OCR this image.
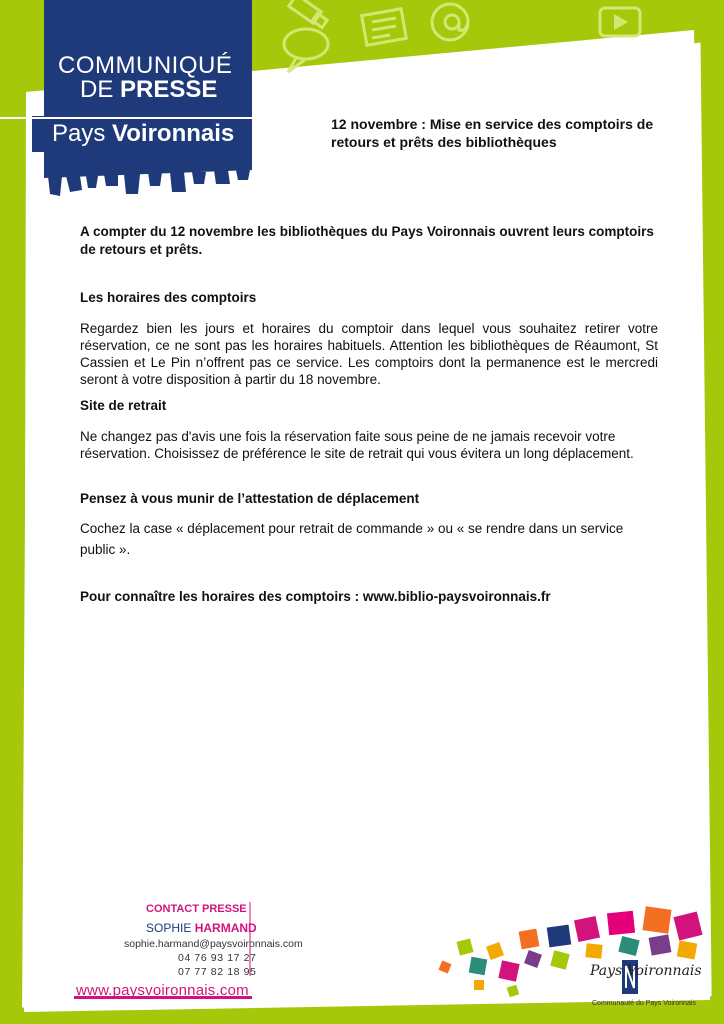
COMMUNIQUÉ
DE PRESSE
Pays Voironnais	12 novembre : Mise en service des comptoirs de retours et prêts des bibliothèques
A compter du 12 novembre les bibliothèques du Pays Voironnais ouvrent leurs comptoirs de retours et prêts.
Les horaires des comptoirs
Regardez bien les jours et horaires du comptoir dans lequel vous souhaitez retirer votre réservation, ce ne sont pas les horaires habituels. Attention les bibliothèques de Réaumont, St Cassien et Le Pin n’offrent pas ce service. Les comptoirs dont la permanence est le mercredi seront à votre disposition à partir du 18 novembre.
Site de retrait
Ne changez pas d'avis une fois la réservation faite sous peine de ne jamais recevoir votre réservation. Choisissez de préférence le site de retrait qui vous évitera un long déplacement.
Pensez à vous munir de l’attestation de déplacement
Cochez la case « déplacement pour retrait de commande » ou « se rendre dans un service public ».
Pour connaître les horaires des comptoirs : www.biblio-paysvoironnais.fr
CONTACT PRESSE
SOPHIE HARMAND
sophie.harmand@paysvoironnais.com
04 76 93 17 27
07 77 82 18 95
www.paysvoironnais.com
Pays Voironnais
Communauté du Pays Voironnais
